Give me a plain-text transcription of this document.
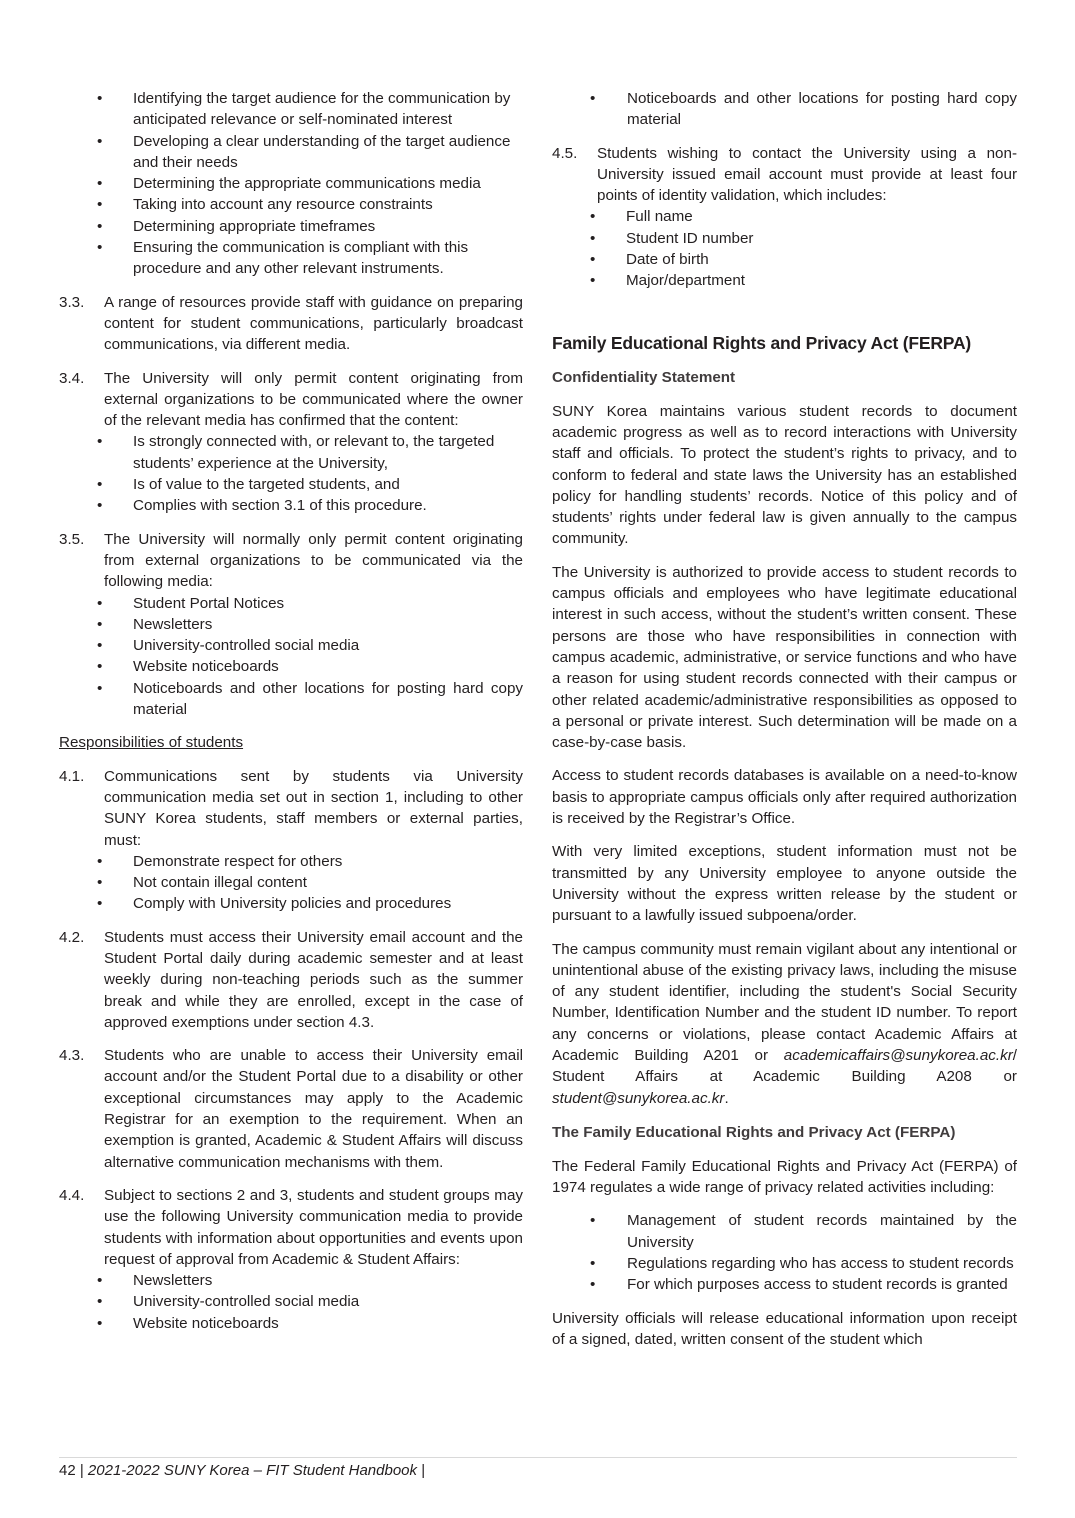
• Identifying the target audience for the communication by anticipated relevance or self-nominated interest
• Developing a clear understanding of the target audience and their needs
• Determining the appropriate communications media
• Taking into account any resource constraints
• Determining appropriate timeframes
• Ensuring the communication is compliant with this procedure and any other relevant instruments.
3.3. A range of resources provide staff with guidance on preparing content for student communications, particularly broadcast communications, via different media.
3.4. The University will only permit content originating from external organizations to be communicated where the owner of the relevant media has confirmed that the content:
• Is strongly connected with, or relevant to, the targeted students’ experience at the University,
• Is of value to the targeted students, and
• Complies with section 3.1 of this procedure.
3.5. The University will normally only permit content originating from external organizations to be communicated via the following media:
• Student Portal Notices
• Newsletters
• University-controlled social media
• Website noticeboards
• Noticeboards and other locations for posting hard copy material
Responsibilities of students
4.1. Communications sent by students via University communication media set out in section 1, including to other SUNY Korea students, staff members or external parties, must:
• Demonstrate respect for others
• Not contain illegal content
• Comply with University policies and procedures
4.2. Students must access their University email account and the Student Portal daily during academic semester and at least weekly during non-teaching periods such as the summer break and while they are enrolled, except in the case of approved exemptions under section 4.3.
4.3. Students who are unable to access their University email account and/or the Student Portal due to a disability or other exceptional circumstances may apply to the Academic Registrar for an exemption to the requirement. When an exemption is granted, Academic & Student Affairs will discuss alternative communication mechanisms with them.
4.4. Subject to sections 2 and 3, students and student groups may use the following University communication media to provide students with information about opportunities and events upon request of approval from Academic & Student Affairs:
• Newsletters
• University-controlled social media
• Website noticeboards
• Noticeboards and other locations for posting hard copy material
4.5. Students wishing to contact the University using a non-University issued email account must provide at least four points of identity validation, which includes:
• Full name
• Student ID number
• Date of birth
• Major/department
Family Educational Rights and Privacy Act (FERPA)
Confidentiality Statement

SUNY Korea maintains various student records to document academic progress as well as to record interactions with University staff and officials. To protect the student’s rights to privacy, and to conform to federal and state laws the University has an established policy for handling students’ records. Notice of this policy and of students’ rights under federal law is given annually to the campus community.

The University is authorized to provide access to student records to campus officials and employees who have legitimate educational interest in such access, without the student’s written consent. These persons are those who have responsibilities in connection with campus academic, administrative, or service functions and who have a reason for using student records connected with their campus or other related academic/administrative responsibilities as opposed to a personal or private interest. Such determination will be made on a case-by-case basis.

Access to student records databases is available on a need-to-know basis to appropriate campus officials only after required authorization is received by the Registrar’s Office.

With very limited exceptions, student information must not be transmitted by any University employee to anyone outside the University without the express written release by the student or pursuant to a lawfully issued subpoena/order.

The campus community must remain vigilant about any intentional or unintentional abuse of the existing privacy laws, including the misuse of any student identifier, including the student's Social Security Number, Identification Number and the student ID number. To report any concerns or violations, please contact Academic Affairs at Academic Building A201 or academicaffairs@sunykorea.ac.kr/ Student Affairs at Academic Building A208 or student@sunykorea.ac.kr.

The Family Educational Rights and Privacy Act (FERPA)

The Federal Family Educational Rights and Privacy Act (FERPA) of 1974 regulates a wide range of privacy related activities including:

• Management of student records maintained by the University
• Regulations regarding who has access to student records
• For which purposes access to student records is granted

University officials will release educational information upon receipt of a signed, dated, written consent of the student which

42 | 2021-2022 SUNY Korea – FIT Student Handbook |
